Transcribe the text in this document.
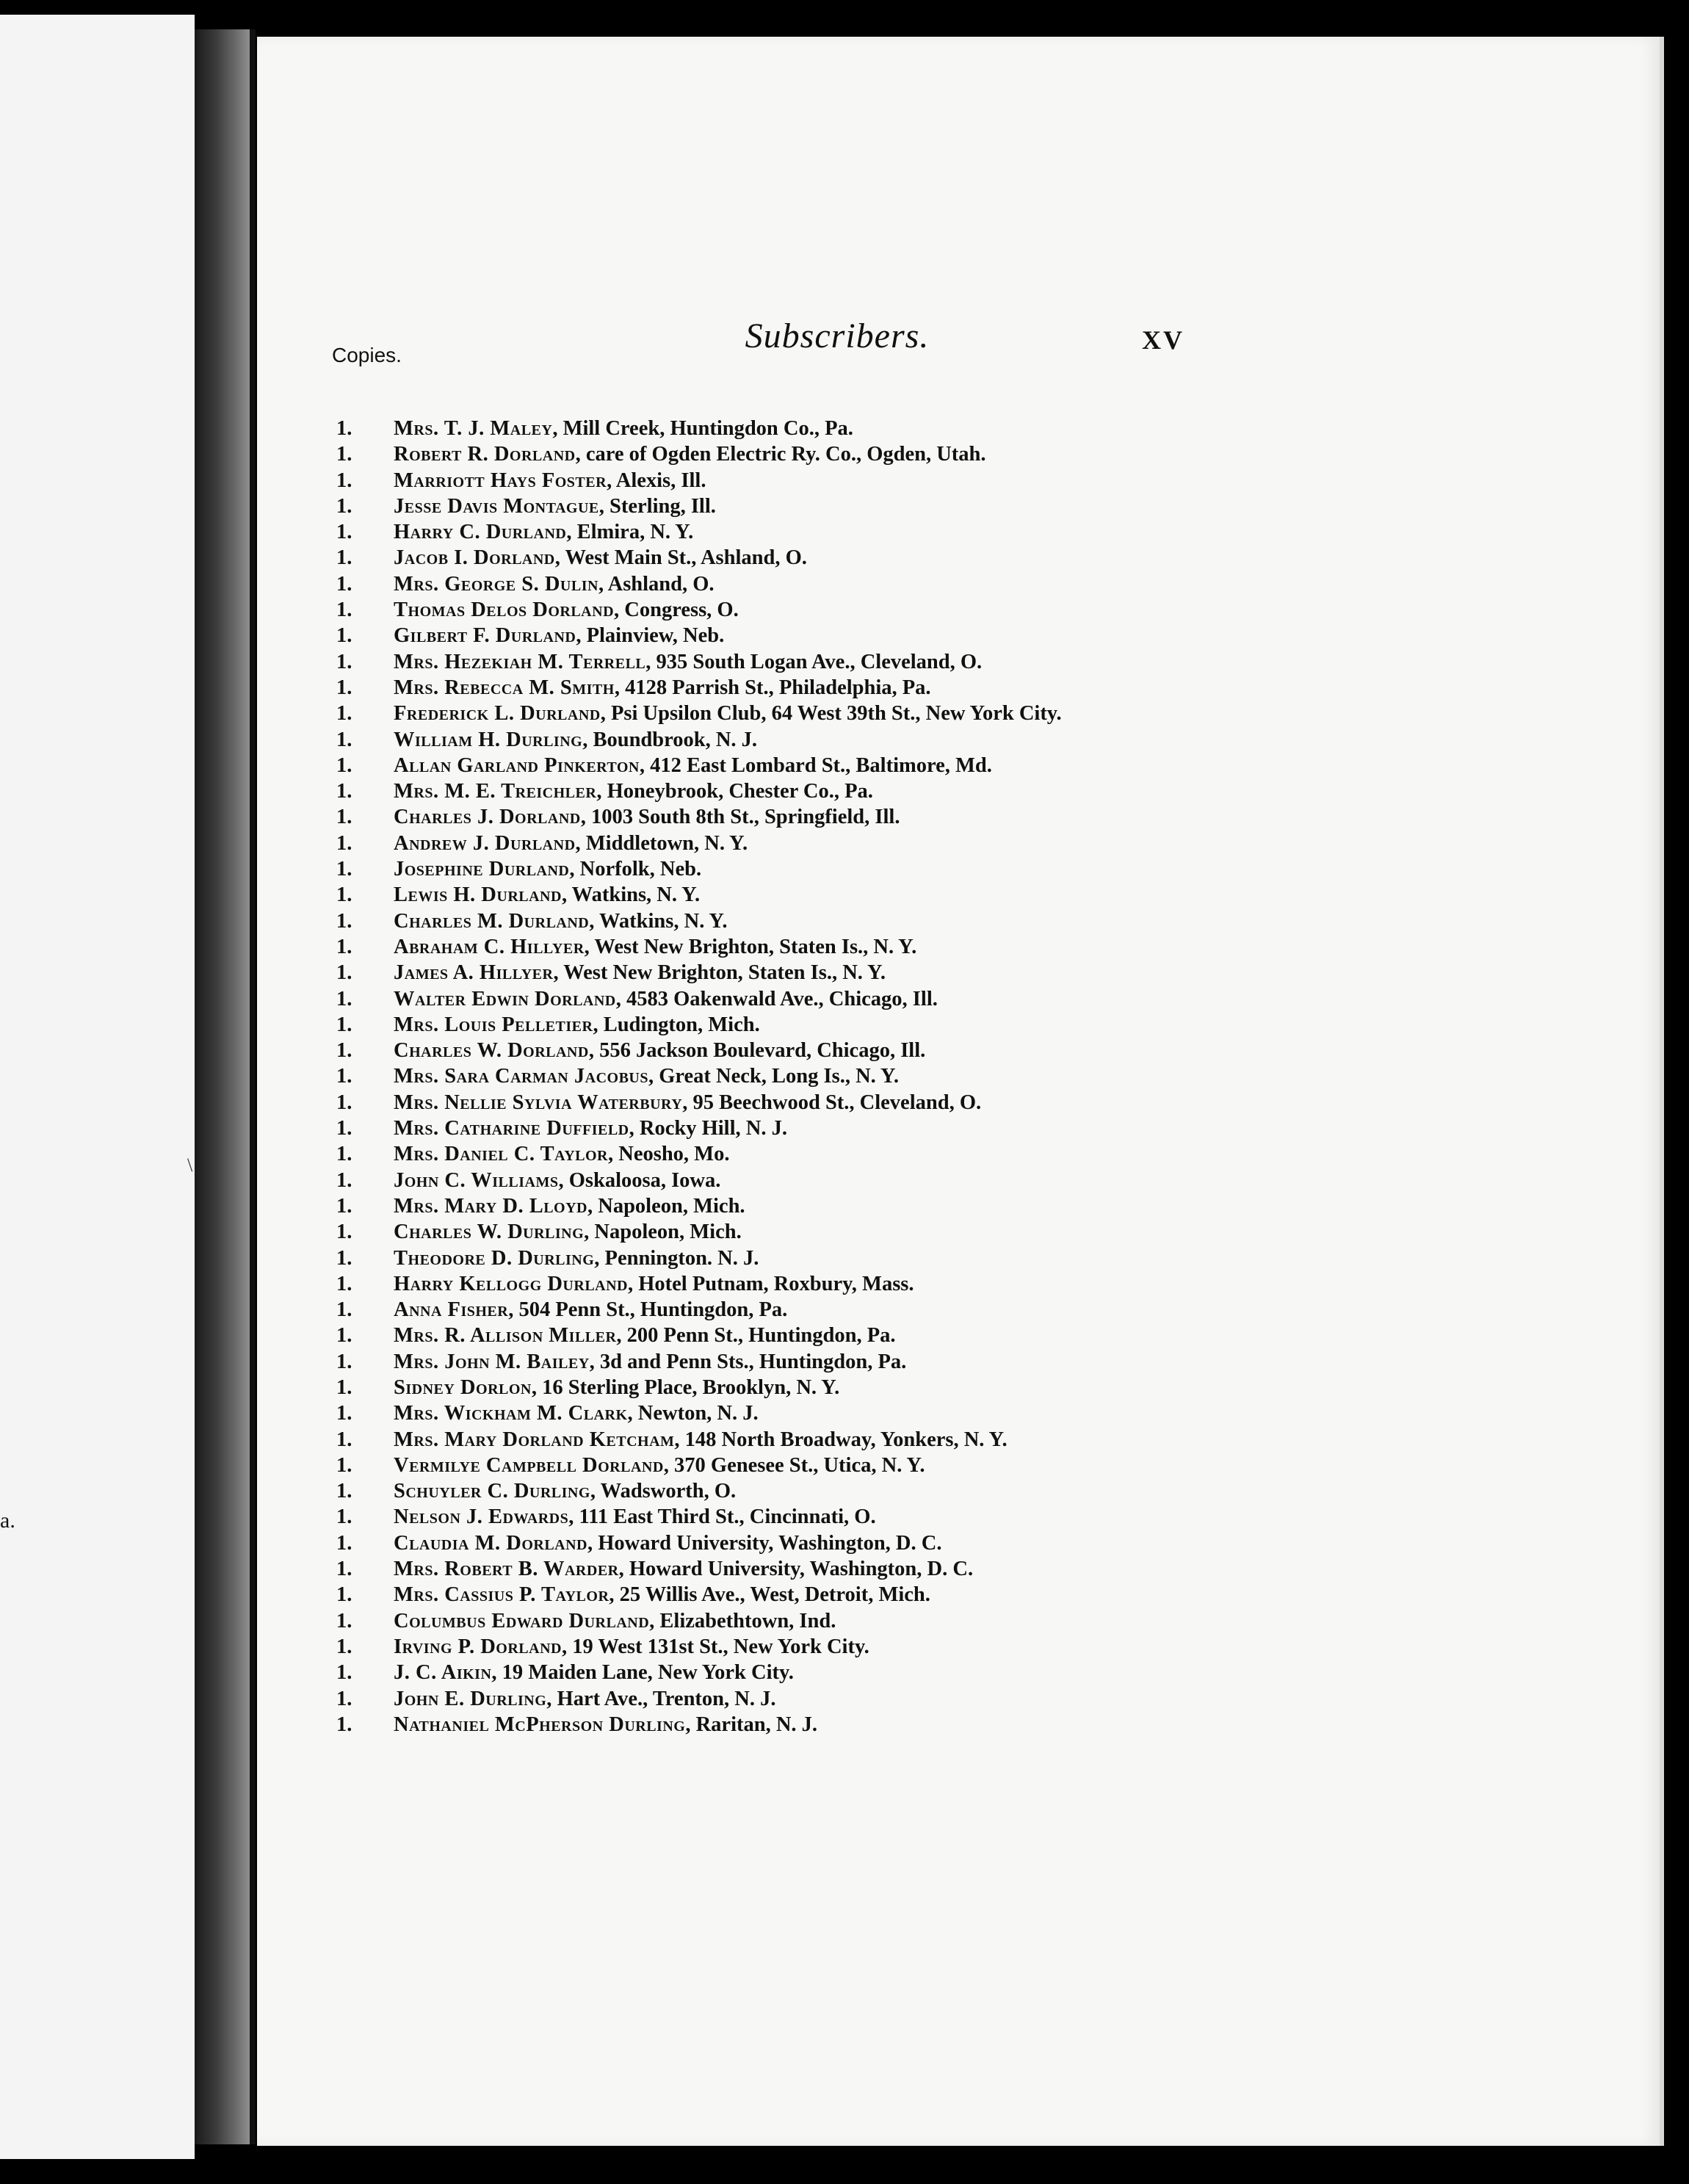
\
a.
Copies.	Subscribers.	XV
1. Mrs. T. J. Maley, Mill Creek, Huntingdon Co., Pa.
1. Robert R. Dorland, care of Ogden Electric Ry. Co., Ogden, Utah.
1. Marriott Hays Foster, Alexis, Ill.
1. Jesse Davis Montague, Sterling, Ill.
1. Harry C. Durland, Elmira, N. Y.
1. Jacob I. Dorland, West Main St., Ashland, O.
1. Mrs. George S. Dulin, Ashland, O.
1. Thomas Delos Dorland, Congress, O.
1. Gilbert F. Durland, Plainview, Neb.
1. Mrs. Hezekiah M. Terrell, 935 South Logan Ave., Cleveland, O.
1. Mrs. Rebecca M. Smith, 4128 Parrish St., Philadelphia, Pa.
1. Frederick L. Durland, Psi Upsilon Club, 64 West 39th St., New York City.
1. William H. Durling, Boundbrook, N. J.
1. Allan Garland Pinkerton, 412 East Lombard St., Baltimore, Md.
1. Mrs. M. E. Treichler, Honeybrook, Chester Co., Pa.
1. Charles J. Dorland, 1003 South 8th St., Springfield, Ill.
1. Andrew J. Durland, Middletown, N. Y.
1. Josephine Durland, Norfolk, Neb.
1. Lewis H. Durland, Watkins, N. Y.
1. Charles M. Durland, Watkins, N. Y.
1. Abraham C. Hillyer, West New Brighton, Staten Is., N. Y.
1. James A. Hillyer, West New Brighton, Staten Is., N. Y.
1. Walter Edwin Dorland, 4583 Oakenwald Ave., Chicago, Ill.
1. Mrs. Louis Pelletier, Ludington, Mich.
1. Charles W. Dorland, 556 Jackson Boulevard, Chicago, Ill.
1. Mrs. Sara Carman Jacobus, Great Neck, Long Is., N. Y.
1. Mrs. Nellie Sylvia Waterbury, 95 Beechwood St., Cleveland, O.
1. Mrs. Catharine Duffield, Rocky Hill, N. J.
1. Mrs. Daniel C. Taylor, Neosho, Mo.
1. John C. Williams, Oskaloosa, Iowa.
1. Mrs. Mary D. Lloyd, Napoleon, Mich.
1. Charles W. Durling, Napoleon, Mich.
1. Theodore D. Durling, Pennington. N. J.
1. Harry Kellogg Durland, Hotel Putnam, Roxbury, Mass.
1. Anna Fisher, 504 Penn St., Huntingdon, Pa.
1. Mrs. R. Allison Miller, 200 Penn St., Huntingdon, Pa.
1. Mrs. John M. Bailey, 3d and Penn Sts., Huntingdon, Pa.
1. Sidney Dorlon, 16 Sterling Place, Brooklyn, N. Y.
1. Mrs. Wickham M. Clark, Newton, N. J.
1. Mrs. Mary Dorland Ketcham, 148 North Broadway, Yonkers, N. Y.
1. Vermilye Campbell Dorland, 370 Genesee St., Utica, N. Y.
1. Schuyler C. Durling, Wadsworth, O.
1. Nelson J. Edwards, 111 East Third St., Cincinnati, O.
1. Claudia M. Dorland, Howard University, Washington, D. C.
1. Mrs. Robert B. Warder, Howard University, Washington, D. C.
1. Mrs. Cassius P. Taylor, 25 Willis Ave., West, Detroit, Mich.
1. Columbus Edward Durland, Elizabethtown, Ind.
1. Irving P. Dorland, 19 West 131st St., New York City.
1. J. C. Aikin, 19 Maiden Lane, New York City.
1. John E. Durling, Hart Ave., Trenton, N. J.
1. Nathaniel McPherson Durling, Raritan, N. J.
